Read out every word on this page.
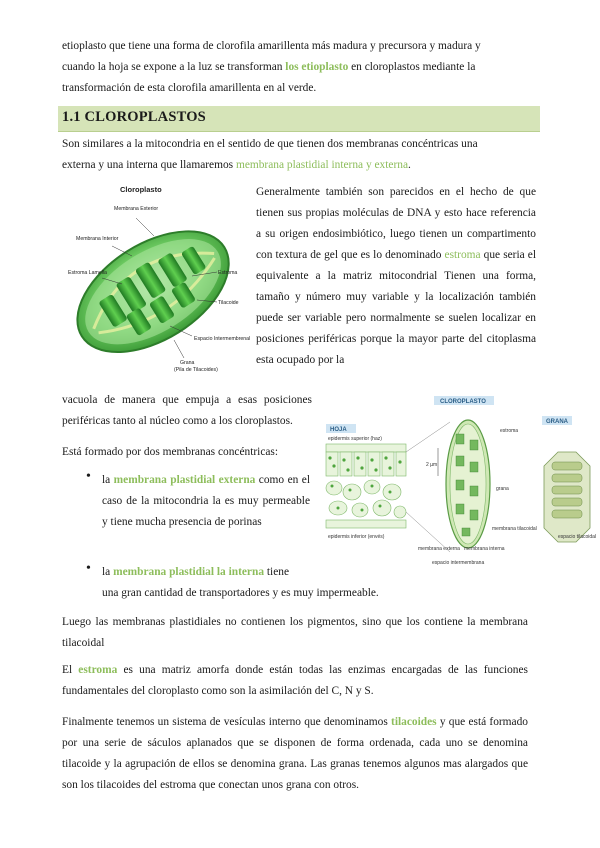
etioplasto que tiene una forma de clorofila amarillenta más madura y precursora y madura y

cuando la hoja se expone a la luz se transforman los etioplasto en cloroplastos mediante la

transformación de esta clorofila amarillenta en al verde.

1.1 CLOROPLASTOS

Son similares a la mitocondria en el sentido de que tienen dos membranas concéntricas una

externa y una interna que llamaremos membrana plastidial interna y externa.

Cloroplasto
Membrana Exterior
Membrana Interior
Estroma Lamella	Estroma
Tilacoide
Espacio Intermembrenal
Grana
(Pila de Tilacoides)

Generalmente también son parecidos en el hecho de que tienen sus propias moléculas de DNA y esto hace referencia a su origen endosimbiótico, luego tienen un compartimento con textura de gel que es lo denominado estroma que seria el equivalente a la matriz mitocondrial Tienen una forma, tamaño y número muy variable y la localización también puede ser variable pero normalmente se suelen localizar en posiciones periféricas porque la mayor parte del citoplasma esta ocupado por la

vacuola de manera que empuja a esas posiciones periféricas tanto al núcleo como a los cloroplastos.

Está formado por dos membranas concéntricas:

• la membrana plastidial externa como en el caso de la mitocondria la es muy permeable y tiene mucha presencia de porinas

• la membrana plastidial la interna tiene

una gran cantidad de transportadores y es muy impermeable.

CLOROPLASTO
HOJA
GRANA
epidermis superior (haz)
epidermis inferior (envés)
2 µm
estroma
grana
membrana tilacoidal
membrana externa membrana interna
espacio intermembrana
espacio tilacoidal

Luego las membranas plastidiales no contienen los pigmentos, sino que los contiene la membrana tilacoidal

El estroma es una matriz amorfa donde están todas las enzimas encargadas de las funciones fundamentales del cloroplasto como son la asimilación del C, N y S.

Finalmente tenemos un sistema de vesículas interno que denominamos tilacoides y que está formado por una serie de sáculos aplanados que se disponen de forma ordenada, cada uno se denomina tilacoide y la agrupación de ellos se denomina grana. Las granas tenemos algunos mas alargados que son los tilacoides del estroma que conectan unos grana con otros.
